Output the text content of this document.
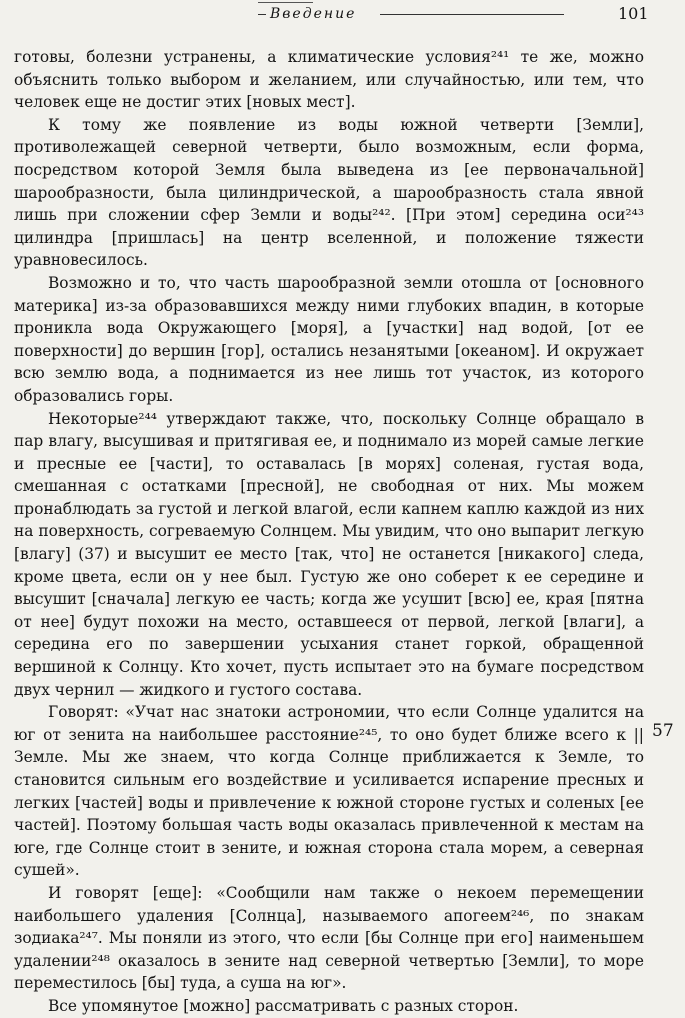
Введение	101

готовы, болезни устранены, а климатические условия²⁴¹ те же, можно объяснить только выбором и желанием, или случайностью, или тем, что человек еще не достиг этих [новых мест].

К тому же появление из воды южной четверти [Земли], противолежащей северной четверти, было возможным, если форма, посредством которой Земля была выведена из [ее первоначальной] шарообразности, была цилиндрической, а шарообразность стала явной лишь при сложении сфер Земли и воды²⁴². [При этом] середина оси²⁴³ цилиндра [пришлась] на центр вселенной, и положение тяжести уравновесилось.

Возможно и то, что часть шарообразной земли отошла от [основного материка] из-за образовавшихся между ними глубоких впадин, в которые проникла вода Окружающего [моря], а [участки] над водой, [от ее поверхности] до вершин [гор], остались незанятыми [океаном]. И окружает всю землю вода, а поднимается из нее лишь тот участок, из которого образовались горы.

Некоторые²⁴⁴ утверждают также, что, поскольку Солнце обращало в пар влагу, высушивая и притягивая ее, и поднимало из морей самые легкие и пресные ее [части], то оставалась [в морях] соленая, густая вода, смешанная с остатками [пресной], не свободная от них. Мы можем пронаблюдать за густой и легкой влагой, если капнем каплю каждой из них на поверхность, согреваемую Солнцем. Мы увидим, что оно выпарит легкую [влагу] (37) и высушит ее место [так, что] не останется [никакого] следа, кроме цвета, если он у нее был. Густую же оно соберет к ее середине и высушит [сначала] легкую ее часть; когда же усушит [всю] ее, края [пятна от нее] будут похожи на место, оставшееся от первой, легкой [влаги], а середина его по завершении усыхания станет горкой, обращенной вершиной к Солнцу. Кто хочет, пусть испытает это на бумаге посредством двух чернил — жидкого и густого состава.

Говорят: «Учат нас знатоки астрономии, что если Солнце удалится на юг от зенита на наибольшее расстояние²⁴⁵, то оно будет ближе всего к || Земле. Мы же знаем, что когда Солнце приближается к Земле, то становится сильным его воздействие и усиливается испарение пресных и легких [частей] воды и привлечение к южной стороне густых и соленых [ее частей]. Поэтому большая часть воды оказалась привлеченной к местам на юге, где Солнце стоит в зените, и южная сторона стала морем, а северная сушей».

И говорят [еще]: «Сообщили нам также о некоем перемещении наибольшего удаления [Солнца], называемого апогеем²⁴⁶, по знакам зодиака²⁴⁷. Мы поняли из этого, что если [бы Солнце при его] наименьшем удалении²⁴⁸ оказалось в зените над северной четвертью [Земли], то море переместилось [бы] туда, а суша на юг».

Все упомянутое [можно] рассматривать с разных сторон.

57
